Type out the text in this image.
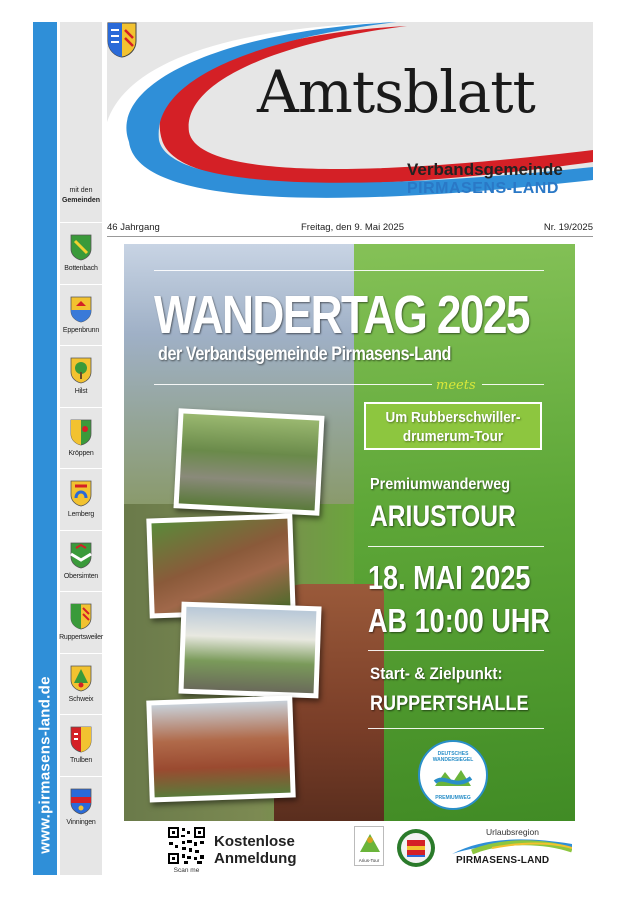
www.pirmasens-land.de
mit den
Gemeinden
Bottenbach
Eppenbrunn
Hilst
Kröppen
Lemberg
Obersimten
Ruppertsweiler
Schweix
Trulben
Vinningen
Amtsblatt
Verbandsgemeinde
PIRMASENS-LAND
46 Jahrgang	Freitag, den 9. Mai 2025	Nr. 19/2025
WANDERTAG 2025
der Verbandsgemeinde Pirmasens-Land
meets
Um Rubberschwiller-
drumerum-Tour
Premiumwanderweg
ARIUSTOUR
18. MAI 2025
AB 10:00 UHR
Start- & Zielpunkt:
RUPPERTSHALLE
DEUTSCHES WANDERSIEGEL
PREMIUMWEG
Scan me
Kostenlose
Anmeldung	Arius-Tour
Urlaubsregion
PIRMASENS-LAND
